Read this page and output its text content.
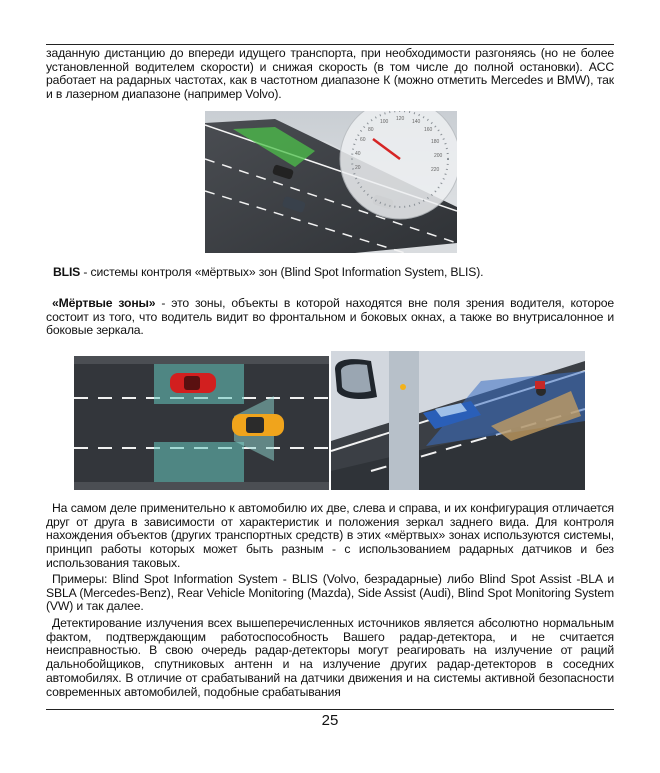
заданную дистанцию до впереди идущего транспорта, при необходимости разгоняясь (но не более установленной водителем скорости) и снижая скорость (в том числе до полной остановки). ACC работает на радарных частотах, как в частотном диапазоне К (можно отметить Mercedes и BMW), так и в лазерном диапазоне (например Volvo).

20
40
60
80
100 120 140
160
180
200
220

BLIS - системы контроля «мёртвых» зон (Blind Spot Information System, BLIS).

«Мёртвые зоны» - это зоны, объекты в которой находятся вне поля зрения водителя, которое состоит из того, что водитель видит во фронтальном и боковых окнах, а также во внутрисалонное и боковые зеркала.

На самом деле применительно к автомобилю их две, слева и справа, и их конфигурация отличается друг от друга в зависимости от характеристик и положения зеркал заднего вида. Для контроля нахождения объектов (других транспортных средств) в этих «мёртвых» зонах используются системы, принцип работы которых может быть разным - с использованием радарных датчиков и без использования таковых.

Примеры: Blind Spot Information System - BLIS (Volvo, безрадарные) либо Blind Spot Assist -BLA и SBLA (Mercedes-Benz), Rear Vehicle Monitoring (Mazda), Side Assist (Audi), Blind Spot Monitoring System (VW) и так далее.

Детектирование излучения всех вышеперечисленных источников является абсолютно нормальным фактом, подтверждающим работоспособность Вашего радар-детектора, и не считается неисправностью. В свою очередь радар-детекторы могут реагировать на излучение от раций дальнобойщиков, спутниковых антенн и на излучение других радар-детекторов в соседних автомобилях. В отличие от срабатываний на датчики движения и на системы активной безопасности современных автомобилей, подобные срабатывания

25
